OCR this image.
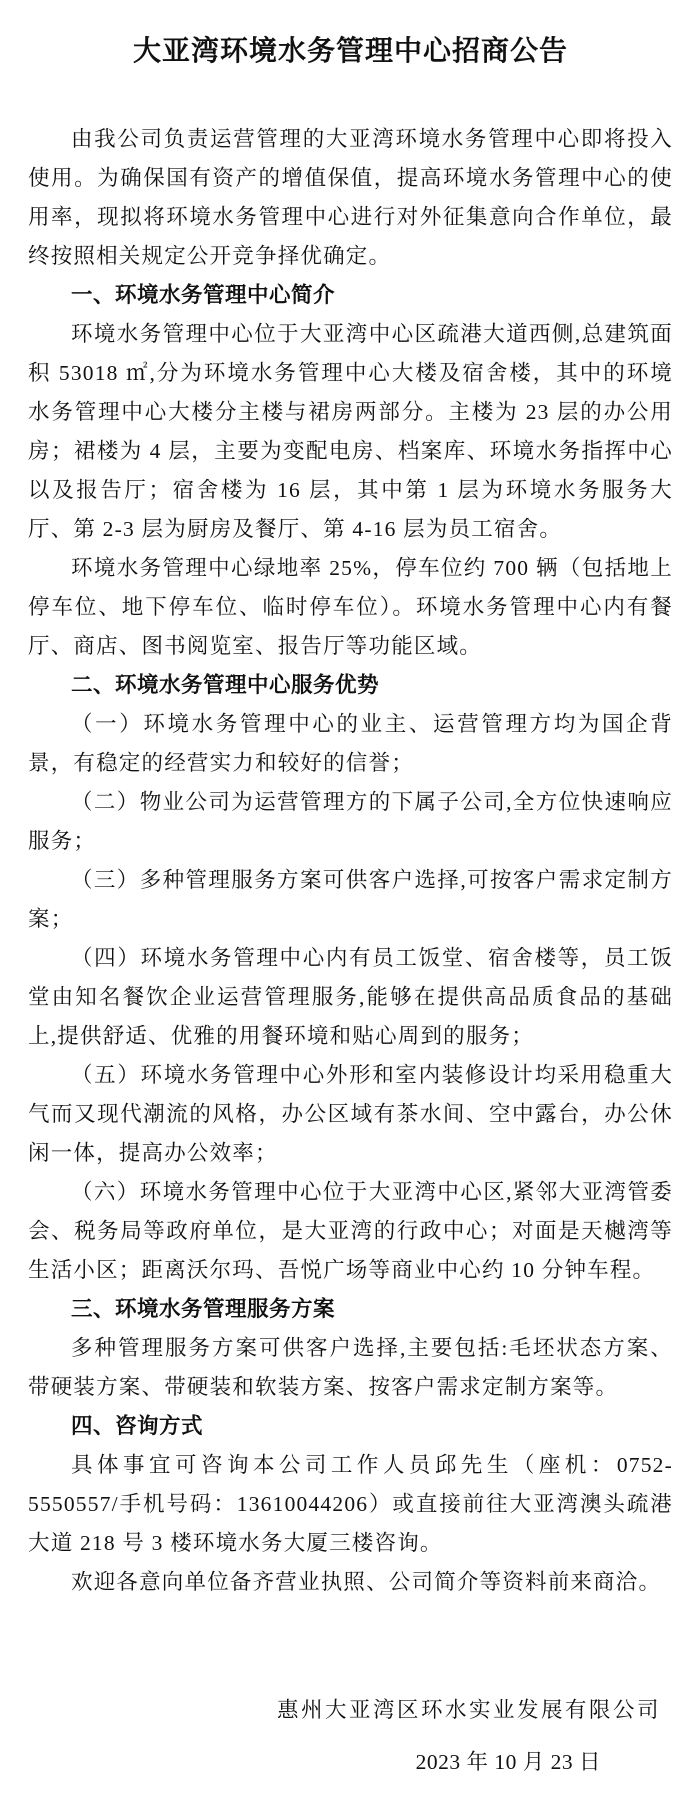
大亚湾环境水务管理中心招商公告

由我公司负责运营管理的大亚湾环境水务管理中心即将投入使用。为确保国有资产的增值保值，提高环境水务管理中心的使用率，现拟将环境水务管理中心进行对外征集意向合作单位，最终按照相关规定公开竞争择优确定。

一、环境水务管理中心简介

环境水务管理中心位于大亚湾中心区疏港大道西侧,总建筑面积 53018 ㎡,分为环境水务管理中心大楼及宿舍楼，其中的环境水务管理中心大楼分主楼与裙房两部分。主楼为 23 层的办公用房；裙楼为 4 层，主要为变配电房、档案库、环境水务指挥中心以及报告厅；宿舍楼为 16 层，其中第 1 层为环境水务服务大厅、第 2-3 层为厨房及餐厅、第 4-16 层为员工宿舍。

环境水务管理中心绿地率 25%，停车位约 700 辆（包括地上停车位、地下停车位、临时停车位）。环境水务管理中心内有餐厅、商店、图书阅览室、报告厅等功能区域。

二、环境水务管理中心服务优势

（一）环境水务管理中心的业主、运营管理方均为国企背景，有稳定的经营实力和较好的信誉；

（二）物业公司为运营管理方的下属子公司,全方位快速响应服务；

（三）多种管理服务方案可供客户选择,可按客户需求定制方案；

（四）环境水务管理中心内有员工饭堂、宿舍楼等，员工饭堂由知名餐饮企业运营管理服务,能够在提供高品质食品的基础上,提供舒适、优雅的用餐环境和贴心周到的服务；

（五）环境水务管理中心外形和室内装修设计均采用稳重大气而又现代潮流的风格，办公区域有茶水间、空中露台，办公休闲一体，提高办公效率；

（六）环境水务管理中心位于大亚湾中心区,紧邻大亚湾管委会、税务局等政府单位，是大亚湾的行政中心；对面是天樾湾等生活小区；距离沃尔玛、吾悦广场等商业中心约 10 分钟车程。

三、环境水务管理服务方案

多种管理服务方案可供客户选择,主要包括:毛坯状态方案、带硬装方案、带硬装和软装方案、按客户需求定制方案等。

四、咨询方式

具体事宜可咨询本公司工作人员邱先生（座机：0752-5550557/手机号码：13610044206）或直接前往大亚湾澳头疏港大道 218 号 3 楼环境水务大厦三楼咨询。

欢迎各意向单位备齐营业执照、公司简介等资料前来商洽。

惠州大亚湾区环水实业发展有限公司
2023 年 10 月 23 日
